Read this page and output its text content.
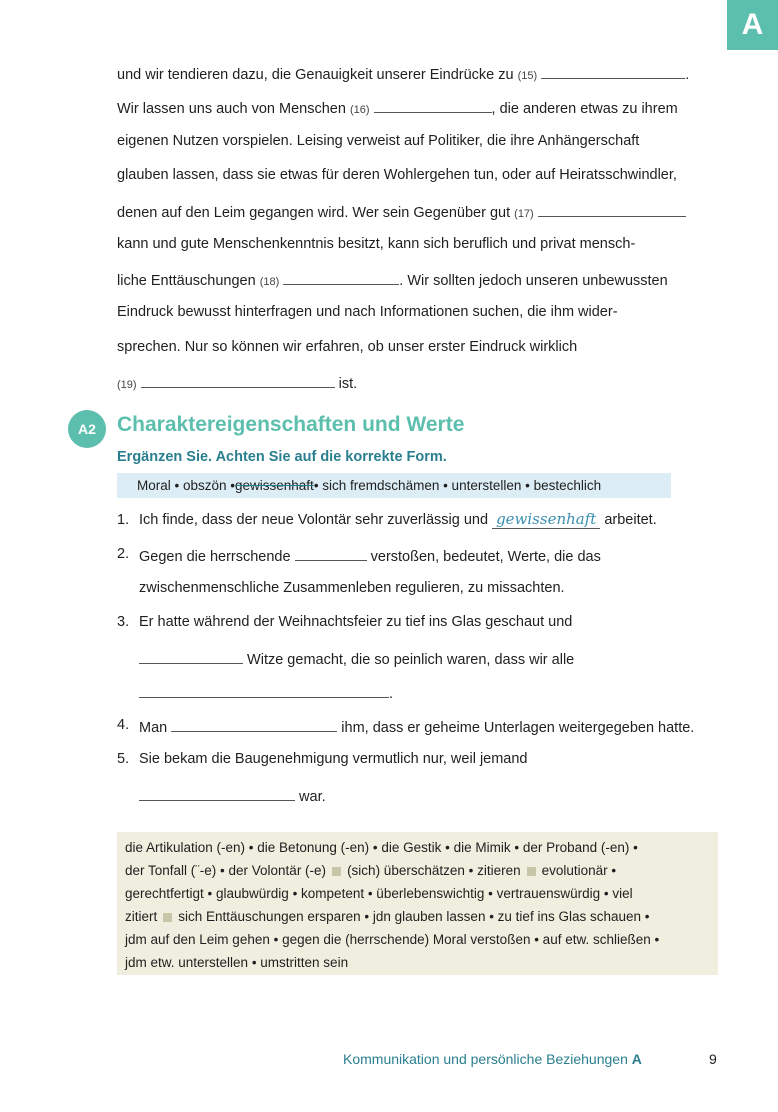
A
und wir tendieren dazu, die Genauigkeit unserer Eindrücke zu (15)	.
Wir lassen uns auch von Menschen (16)	, die anderen etwas zu ihrem
eigenen Nutzen vorspielen. Leising verweist auf Politiker, die ihre Anhängerschaft
glauben lassen, dass sie etwas für deren Wohlergehen tun, oder auf Heiratsschwindler,
denen auf den Leim gegangen wird. Wer sein Gegenüber gut (17)
kann und gute Menschenkenntnis besitzt, kann sich beruflich und privat mensch-
liche Enttäuschungen (18)	. Wir sollten jedoch unseren unbewussten
Eindruck bewusst hinterfragen und nach Informationen suchen, die ihm wider-
sprechen. Nur so können wir erfahren, ob unser erster Eindruck wirklich
(19)	ist.
A2	Charaktereigenschaften und Werte
Ergänzen Sie. Achten Sie auf die korrekte Form.
Moral • obszön • gewissenhaft • sich fremdschämen • unterstellen • bestechlich
1. Ich finde, dass der neue Volontär sehr zuverlässig und gewissenhaft arbeitet.
2. Gegen die herrschende	verstoßen, bedeutet, Werte, die das
zwischenmenschliche Zusammenleben regulieren, zu missachten.
3. Er hatte während der Weihnachtsfeier zu tief ins Glas geschaut und
Witze gemacht, die so peinlich waren, dass wir alle
.
4. Man	ihm, dass er geheime Unterlagen weitergegeben hatte.
5. Sie bekam die Baugenehmigung vermutlich nur, weil jemand
war.
die Artikulation (-en) • die Betonung (-en) • die Gestik • die Mimik • der Proband (-en) •
der Tonfall (¨-e) • der Volontär (-e) (sich) überschätzen • zitieren evolutionär •
gerechtfertigt • glaubwürdig • kompetent • überlebenswichtig • vertrauenswürdig • viel
zitiert sich Enttäuschungen ersparen • jdn glauben lassen • zu tief ins Glas schauen •
jdm auf den Leim gehen • gegen die (herrschende) Moral verstoßen • auf etw. schließen •
jdm etw. unterstellen • umstritten sein
Kommunikation und persönliche Beziehungen A	9
